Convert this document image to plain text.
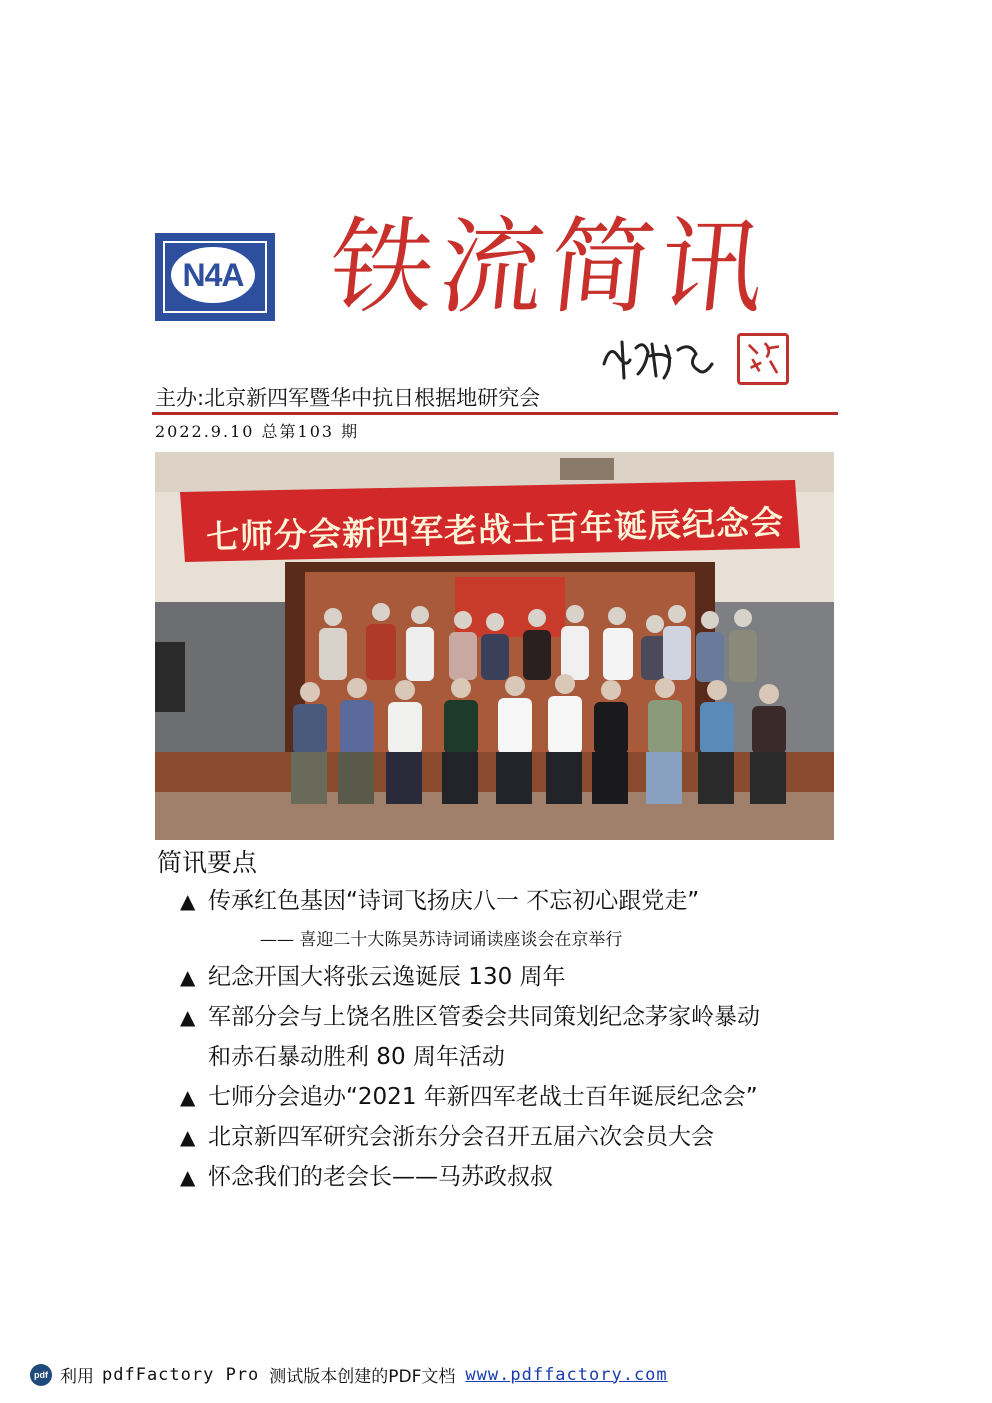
N4A 铁流简讯
主办:北京新四军暨华中抗日根据地研究会
2022.9.10 总第103 期
七师分会新四军老战士百年诞辰纪念会
简讯要点
▲ 传承红色基因“诗词飞扬庆八一 不忘初心跟党走”
—— 喜迎二十大陈昊苏诗词诵读座谈会在京举行
▲ 纪念开国大将张云逸诞辰 130 周年
▲ 军部分会与上饶名胜区管委会共同策划纪念茅家岭暴动
和赤石暴动胜利 80 周年活动
▲ 七师分会追办“2021 年新四军老战士百年诞辰纪念会”
▲ 北京新四军研究会浙东分会召开五届六次会员大会
▲ 怀念我们的老会长——马苏政叔叔
pdf 利用 pdfFactory Pro 测试版本创建的PDF文档 www.pdffactory.com
